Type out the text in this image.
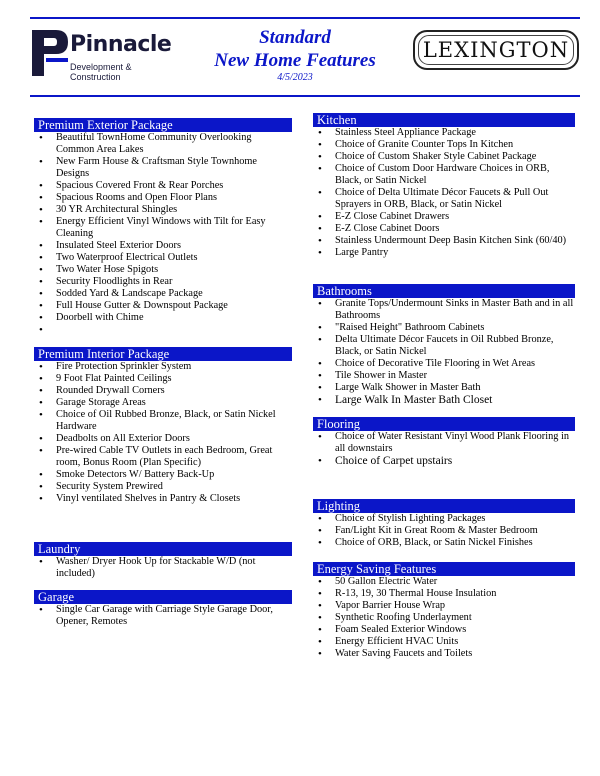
Pinnacle
Development & Construction
Standard
New Home Features
4/5/2023
LEXINGTON
Premium Exterior Package
• Beautiful TownHome Community Overlooking Common Area Lakes
• New Farm House & Craftsman Style Townhome Designs
• Spacious Covered Front & Rear Porches
• Spacious Rooms and Open Floor Plans
• 30 YR Architectural Shingles
• Energy Efficient Vinyl Windows with Tilt for Easy Cleaning
• Insulated Steel Exterior Doors
• Two Waterproof Electrical Outlets
• Two Water Hose Spigots
• Security Floodlights in Rear
• Sodded Yard & Landscape Package
• Full House Gutter & Downspout Package
• Doorbell with Chime
•
Premium Interior Package
• Fire Protection Sprinkler System
• 9 Foot Flat Painted Ceilings
• Rounded Drywall Corners
• Garage Storage Areas
• Choice of Oil Rubbed Bronze, Black, or Satin Nickel Hardware
• Deadbolts on All Exterior Doors
• Pre-wired Cable TV Outlets in each Bedroom, Great room, Bonus Room (Plan Specific)
• Smoke Detectors W/ Battery Back-Up
• Security System Prewired
• Vinyl ventilated Shelves in Pantry & Closets
Laundry
• Washer/ Dryer Hook Up for Stackable W/D (not included)
Garage
• Single Car Garage with Carriage Style Garage Door, Opener, Remotes
Kitchen
• Stainless Steel Appliance Package
• Choice of Granite Counter Tops In Kitchen
• Choice of Custom Shaker Style Cabinet Package
• Choice of Custom Door Hardware Choices in ORB, Black, or Satin Nickel
• Choice of Delta Ultimate Décor Faucets & Pull Out Sprayers in ORB, Black, or Satin Nickel
• E-Z Close Cabinet Drawers
• E-Z Close Cabinet Doors
• Stainless Undermount Deep Basin Kitchen Sink (60/40)
• Large Pantry
Bathrooms
• Granite Tops/Undermount Sinks in Master Bath and in all Bathrooms
• "Raised Height" Bathroom Cabinets
• Delta Ultimate Décor Faucets in Oil Rubbed Bronze, Black, or Satin Nickel
• Choice of Decorative Tile Flooring in Wet Areas
• Tile Shower in Master
• Large Walk Shower in Master Bath
• Large Walk In Master Bath Closet
Flooring
• Choice of Water Resistant Vinyl Wood Plank Flooring in all downstairs
• Choice of Carpet upstairs
Lighting
• Choice of Stylish Lighting Packages
• Fan/Light Kit in Great Room & Master Bedroom
• Choice of ORB, Black, or Satin Nickel Finishes
Energy Saving Features
• 50 Gallon Electric Water
• R-13, 19, 30 Thermal House Insulation
• Vapor Barrier House Wrap
• Synthetic Roofing Underlayment
• Foam Sealed Exterior Windows
• Energy Efficient HVAC Units
• Water Saving Faucets and Toilets
